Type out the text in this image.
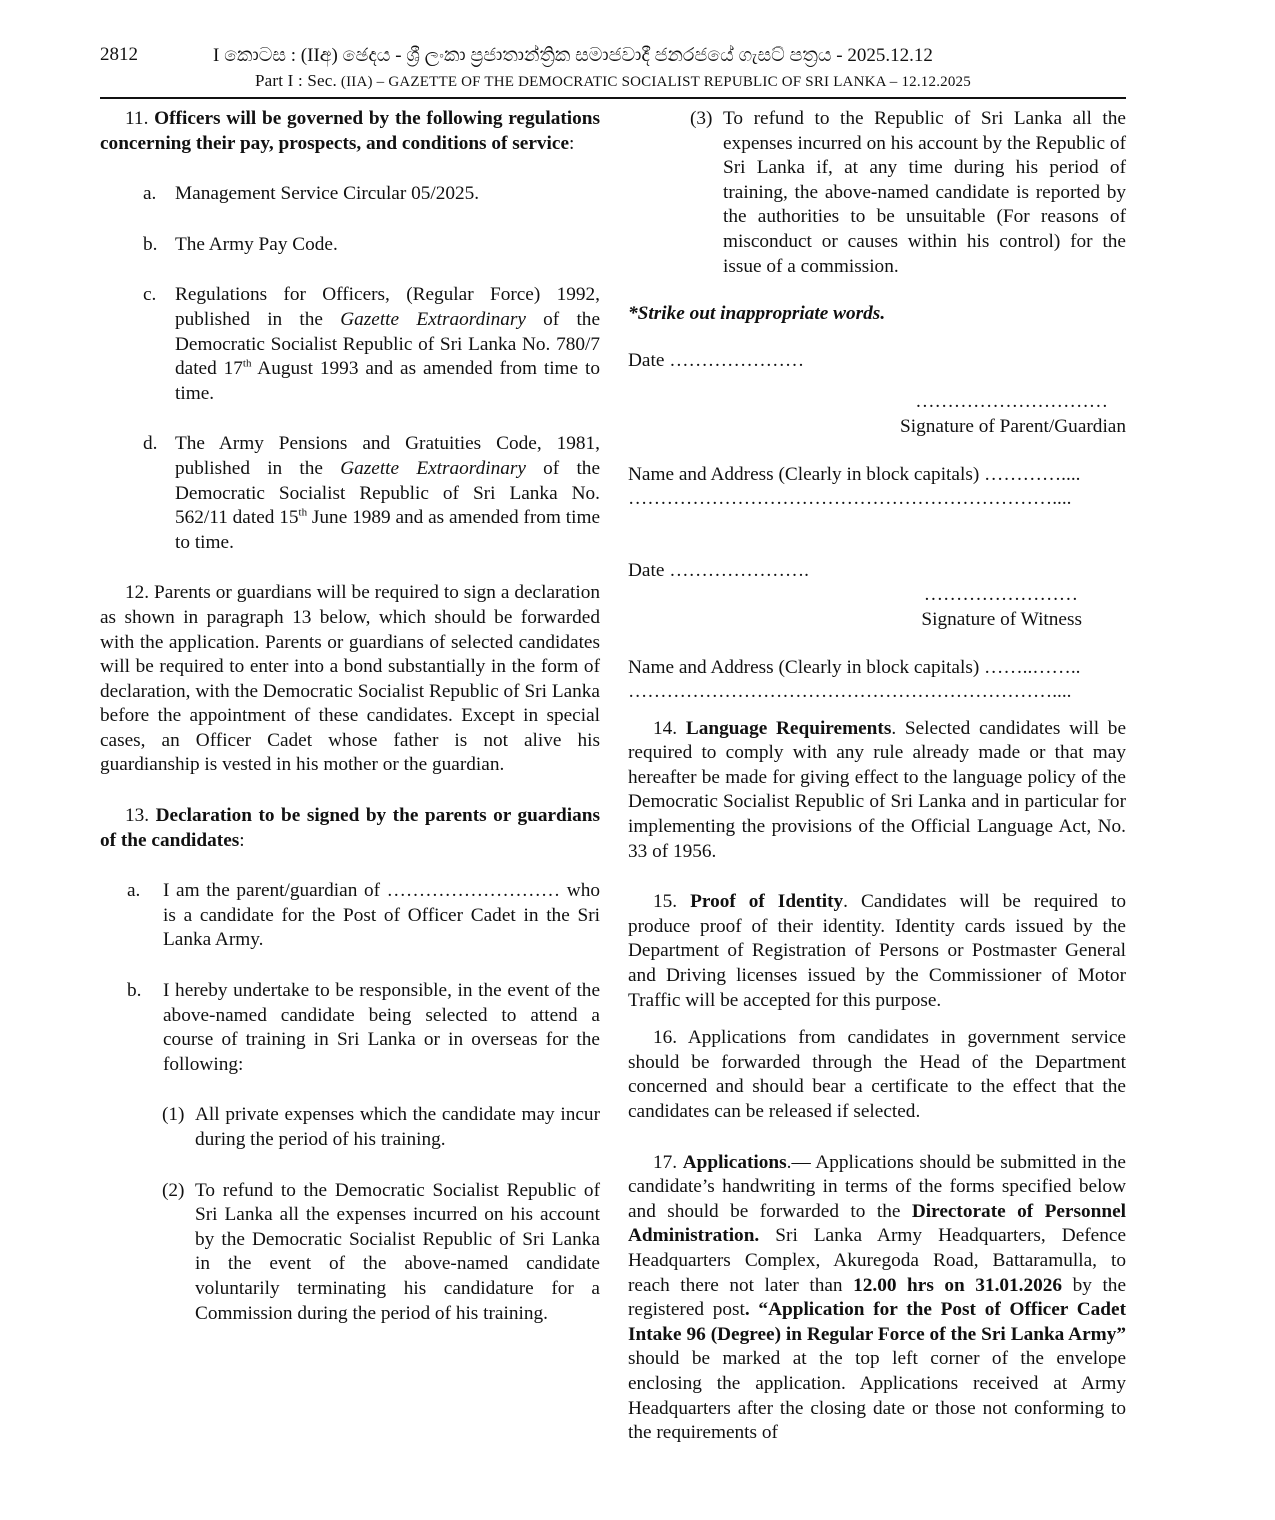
2812	I කොටස : (IIඅ) ඡෙදය - ශ්‍රී ලංකා ප්‍රජාතාන්ත්‍රික සමාජවාදී ජනරජයේ ගැසට් පත්‍රය - 2025.12.12
Part I : Sec. (IIA) – GAZETTE OF THE DEMOCRATIC SOCIALIST REPUBLIC OF SRI LANKA – 12.12.2025

11. Officers will be governed by the following regulations concerning their pay, prospects, and conditions of service:

a. Management Service Circular 05/2025.
b. The Army Pay Code.
c. Regulations for Officers, (Regular Force) 1992, published in the Gazette Extraordinary of the Democratic Socialist Republic of Sri Lanka No. 780/7 dated 17th August 1993 and as amended from time to time.
d. The Army Pensions and Gratuities Code, 1981, published in the Gazette Extraordinary of the Democratic Socialist Republic of Sri Lanka No. 562/11 dated 15th June 1989 and as amended from time to time.

12. Parents or guardians will be required to sign a declaration as shown in paragraph 13 below, which should be forwarded with the application. Parents or guardians of selected candidates will be required to enter into a bond substantially in the form of declaration, with the Democratic Socialist Republic of Sri Lanka before the appointment of these candidates. Except in special cases, an Officer Cadet whose father is not alive his guardianship is vested in his mother or the guardian.

13. Declaration to be signed by the parents or guardians of the candidates:

a. I am the parent/guardian of ……………………… who is a candidate for the Post of Officer Cadet in the Sri Lanka Army.
b. I hereby undertake to be responsible, in the event of the above-named candidate being selected to attend a course of training in Sri Lanka or in overseas for the following:
(1) All private expenses which the candidate may incur during the period of his training.
(2) To refund to the Democratic Socialist Republic of Sri Lanka all the expenses incurred on his account by the Democratic Socialist Republic of Sri Lanka in the event of the above-named candidate voluntarily terminating his candidature for a Commission during the period of his training.
(3) To refund to the Republic of Sri Lanka all the expenses incurred on his account by the Republic of Sri Lanka if, at any time during his period of training, the above-named candidate is reported by the authorities to be unsuitable (For reasons of misconduct or causes within his control) for the issue of a commission.

*Strike out inappropriate words.

Date …………………

…………………………

Signature of Parent/Guardian

Name and Address (Clearly in block capitals) …………....

…………………………………………………………....

Date ………………….

……………………

Signature of Witness

Name and Address (Clearly in block capitals) ……..……..

…………………………………………………………....

14. Language Requirements. Selected candidates will be required to comply with any rule already made or that may hereafter be made for giving effect to the language policy of the Democratic Socialist Republic of Sri Lanka and in particular for implementing the provisions of the Official Language Act, No. 33 of 1956.

15. Proof of Identity. Candidates will be required to produce proof of their identity. Identity cards issued by the Department of Registration of Persons or Postmaster General and Driving licenses issued by the Commissioner of Motor Traffic will be accepted for this purpose.

16. Applications from candidates in government service should be forwarded through the Head of the Department concerned and should bear a certificate to the effect that the candidates can be released if selected.

17. Applications.— Applications should be submitted in the candidate’s handwriting in terms of the forms specified below and should be forwarded to the Directorate of Personnel Administration. Sri Lanka Army Headquarters, Defence Headquarters Complex, Akuregoda Road, Battaramulla, to reach there not later than 12.00 hrs on 31.01.2026 by the registered post. “Application for the Post of Officer Cadet Intake 96 (Degree) in Regular Force of the Sri Lanka Army” should be marked at the top left corner of the envelope enclosing the application. Applications received at Army Headquarters after the closing date or those not conforming to the requirements of
